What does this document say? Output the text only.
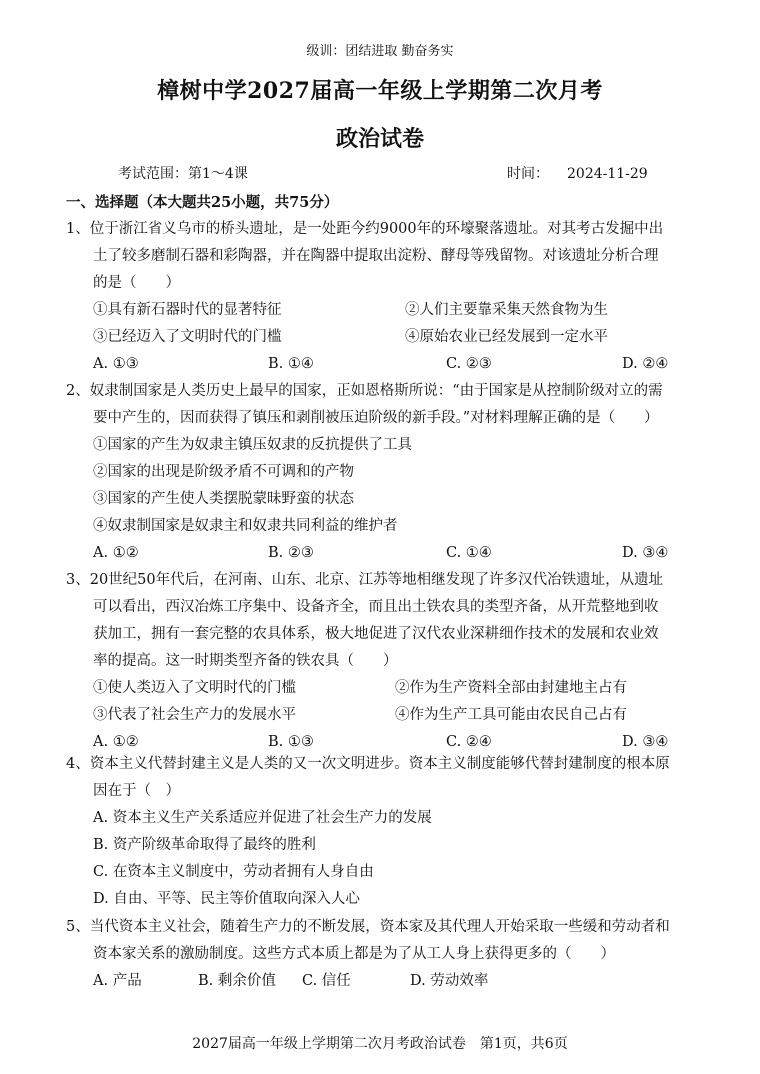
级训：团结进取 勤奋务实
樟树中学2027届高一年级上学期第二次月考
政治试卷
考试范围：第1～4课	时间： 2024-11-29
一、选择题（本大题共25小题，共75分）
1、位于浙江省义乌市的桥头遗址，是一处距今约9000年的环壕聚落遗址。对其考古发掘中出
土了较多磨制石器和彩陶器，并在陶器中提取出淀粉、酵母等残留物。对该遗址分析合理
的是（　　）
①具有新石器时代的显著特征	②人们主要靠采集天然食物为生
③已经迈入了文明时代的门槛	④原始农业已经发展到一定水平
A. ①③	B. ①④	C. ②③	D. ②④
2、奴隶制国家是人类历史上最早的国家，正如恩格斯所说：“由于国家是从控制阶级对立的需
要中产生的，因而获得了镇压和剥削被压迫阶级的新手段。”对材料理解正确的是（　　）
①国家的产生为奴隶主镇压奴隶的反抗提供了工具
②国家的出现是阶级矛盾不可调和的产物
③国家的产生使人类摆脱蒙昧野蛮的状态
④奴隶制国家是奴隶主和奴隶共同利益的维护者
A. ①②	B. ②③	C. ①④	D. ③④
3、20世纪50年代后，在河南、山东、北京、江苏等地相继发现了许多汉代冶铁遗址，从遗址
可以看出，西汉冶炼工序集中、设备齐全，而且出土铁农具的类型齐备，从开荒整地到收
获加工，拥有一套完整的农具体系，极大地促进了汉代农业深耕细作技术的发展和农业效
率的提高。这一时期类型齐备的铁农具（　　）
①使人类迈入了文明时代的门槛	②作为生产资料全部由封建地主占有
③代表了社会生产力的发展水平	④作为生产工具可能由农民自己占有
A. ①②	B. ①③	C. ②④	D. ③④
4、资本主义代替封建主义是人类的又一次文明进步。资本主义制度能够代替封建制度的根本原
因在于（　）
A. 资本主义生产关系适应并促进了社会生产力的发展
B. 资产阶级革命取得了最终的胜利
C. 在资本主义制度中，劳动者拥有人身自由
D. 自由、平等、民主等价值取向深入人心
5、当代资本主义社会，随着生产力的不断发展，资本家及其代理人开始采取一些缓和劳动者和
资本家关系的激励制度。这些方式本质上都是为了从工人身上获得更多的（　　）
A. 产品	B. 剩余价值	C. 信任	D. 劳动效率
2027届高一年级上学期第二次月考政治试卷　第1页，共6页
